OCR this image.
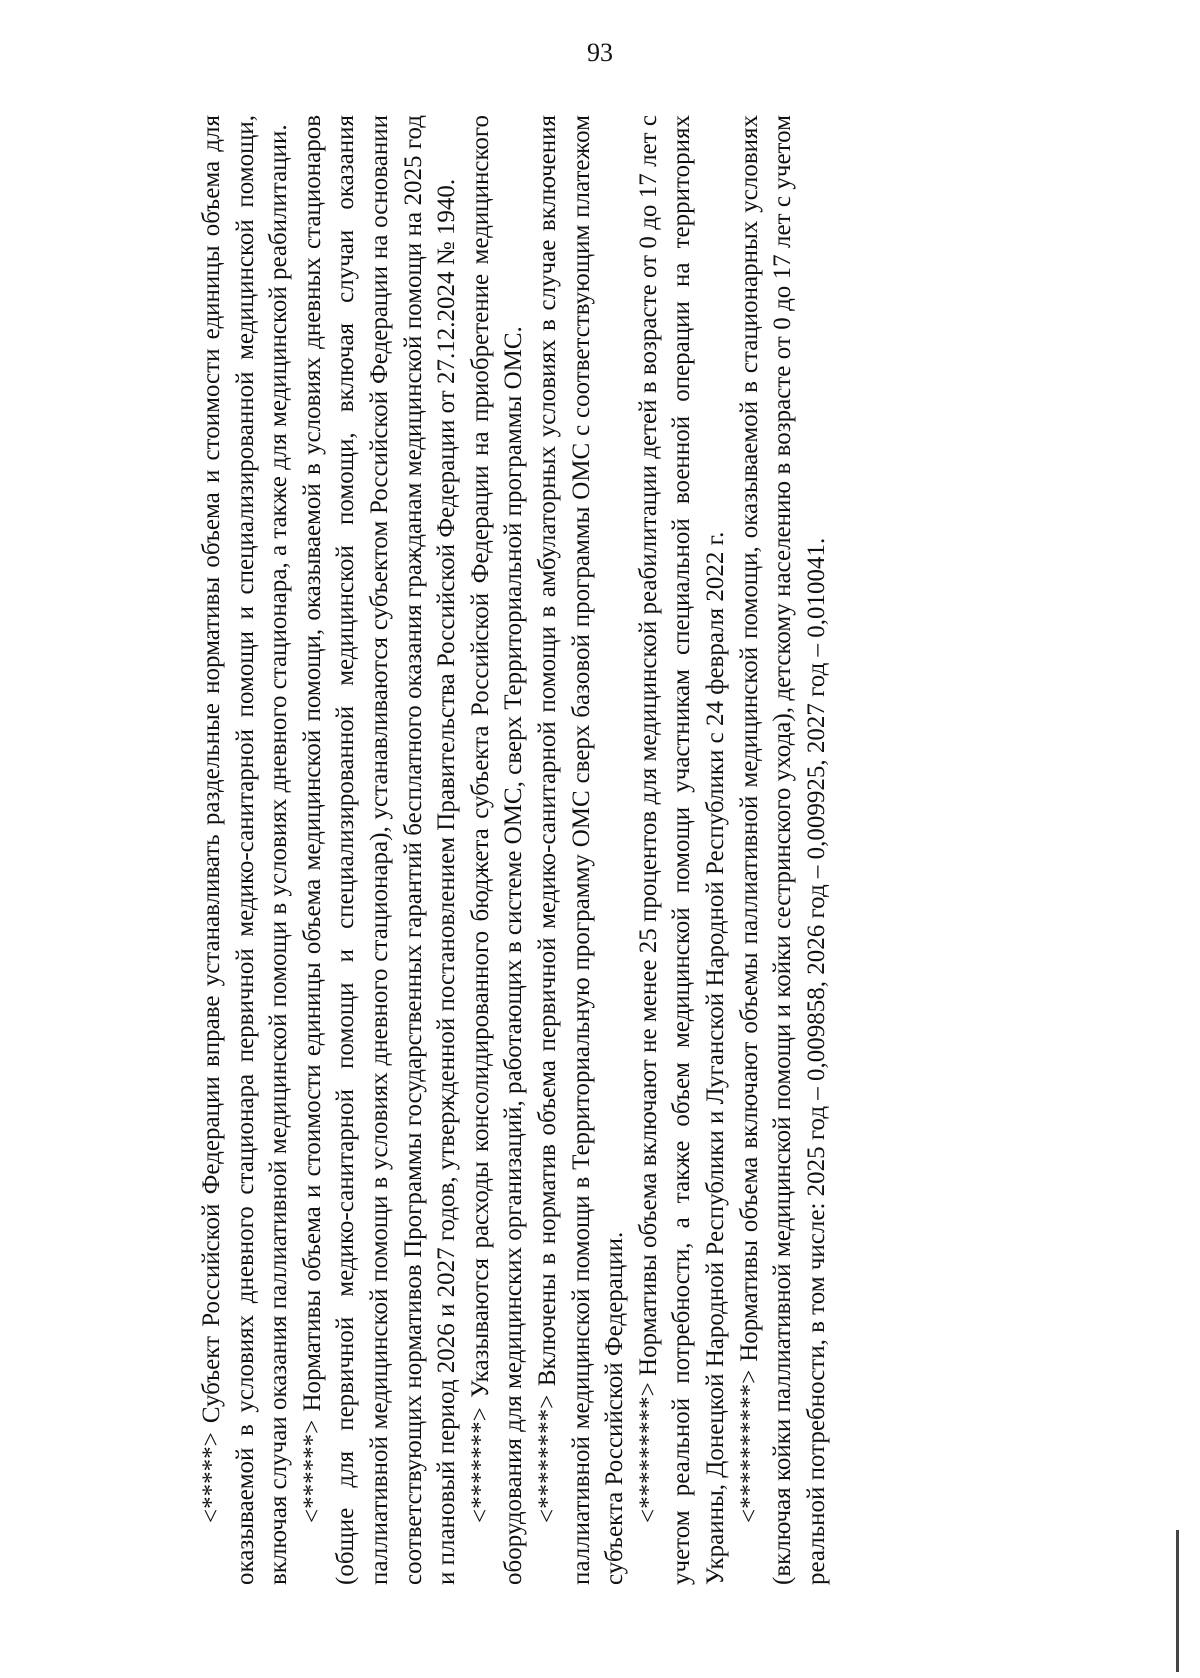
93

<*****> Субъект Российской Федерации вправе устанавливать раздельные нормативы объема и стоимости единицы объема для оказываемой в условиях дневного стационара первичной медико-санитарной помощи и специализированной медицинской помощи, включая случаи оказания паллиативной медицинской помощи в условиях дневного стационара, а также для медицинской реабилитации. <******> Нормативы объема и стоимости единицы объема медицинской помощи, оказываемой в условиях дневных стационаров (общие для первичной медико-санитарной помощи и специализированной медицинской помощи, включая случаи оказания паллиативной медицинской помощи в условиях дневного стационара), устанавливаются субъектом Российской Федерации на основании соответствующих нормативов Программы государственных гарантий бесплатного оказания гражданам медицинской помощи на 2025 год и плановый период 2026 и 2027 годов, утвержденной постановлением Правительства Российской Федерации от 27.12.2024 № 1940. <*******> Указываются расходы консолидированного бюджета субъекта Российской Федерации на приобретение медицинского оборудования для медицинских организаций, работающих в системе ОМС, сверх Территориальной программы ОМС. <********> Включены в норматив объема первичной медико-санитарной помощи в амбулаторных условиях в случае включения паллиативной медицинской помощи в Территориальную программу ОМС сверх базовой программы ОМС с соответствующим платежом субъекта Российской Федерации. <*********> Нормативы объема включают не менее 25 процентов для медицинской реабилитации детей в возрасте от 0 до 17 лет с учетом реальной потребности, а также объем медицинской помощи участникам специальной военной операции на территориях Украины, Донецкой Народной Республики и Луганской Народной Республики с 24 февраля 2022 г. <**********> Нормативы объема включают объемы паллиативной медицинской помощи, оказываемой в стационарных условиях (включая койки паллиативной медицинской помощи и койки сестринского ухода), детскому населению в возрасте от 0 до 17 лет с учетом реальной потребности, в том числе: 2025 год – 0,009858, 2026 год – 0,009925, 2027 год – 0,010041.
